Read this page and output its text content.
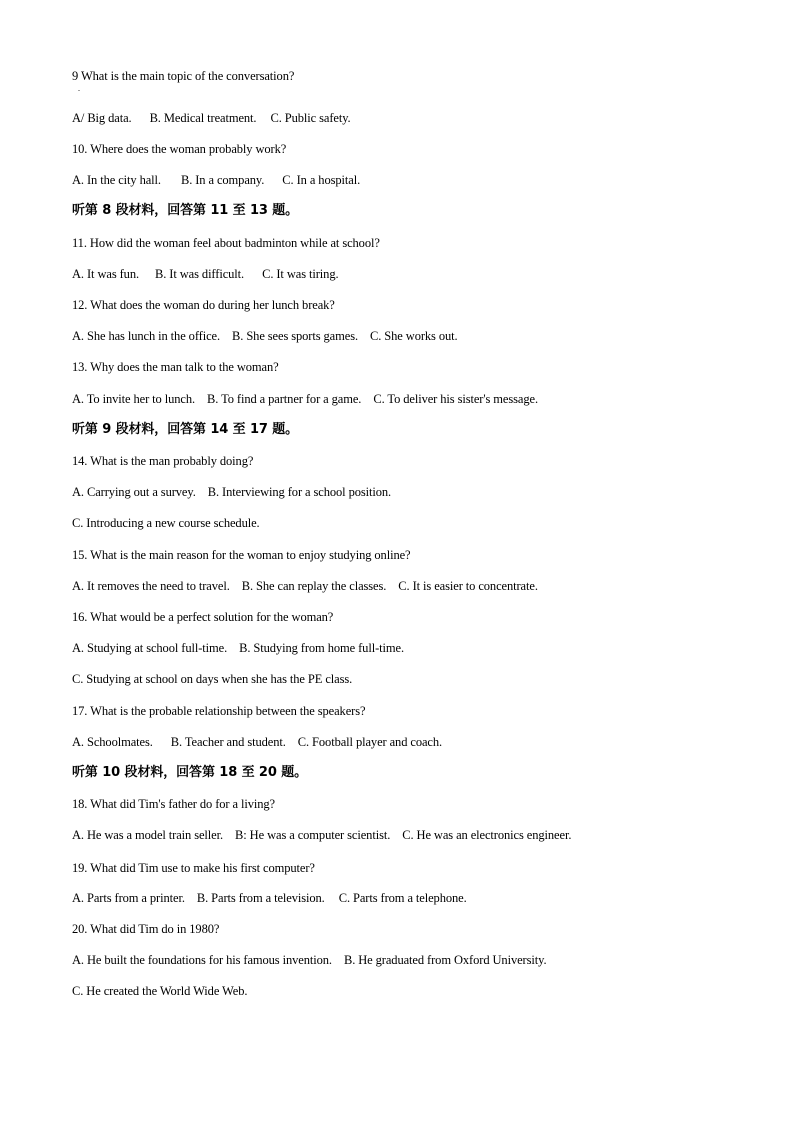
.
9 What is the main topic of the conversation?
A/ Big data. B. Medical treatment. C. Public safety.
10. Where does the woman probably work?
A. In the city hall. B. In a company. C. In a hospital.
听第 8 段材料，回答第 11 至 13 题。
11. How did the woman feel about badminton while at school?
A. It was fun. B. It was difficult. C. It was tiring.
12. What does the woman do during her lunch break?
A. She has lunch in the office. B. She sees sports games. C. She works out.
13. Why does the man talk to the woman?
A. To invite her to lunch. B. To find a partner for a game. C. To deliver his sister's message.
听第 9 段材料，回答第 14 至 17 题。
14. What is the man probably doing?
A. Carrying out a survey. B. Interviewing for a school position.
C. Introducing a new course schedule.
15. What is the main reason for the woman to enjoy studying online?
A. It removes the need to travel. B. She can replay the classes. C. It is easier to concentrate.
16. What would be a perfect solution for the woman?
A. Studying at school full-time. B. Studying from home full-time.
C. Studying at school on days when she has the PE class.
17. What is the probable relationship between the speakers?
A. Schoolmates. B. Teacher and student. C. Football player and coach.
听第 10 段材料，回答第 18 至 20 题。
18. What did Tim's father do for a living?
A. He was a model train seller. B: He was a computer scientist. C. He was an electronics engineer.
19. What did Tim use to make his first computer?
A. Parts from a printer. B. Parts from a television. C. Parts from a telephone.
20. What did Tim do in 1980?
A. He built the foundations for his famous invention. B. He graduated from Oxford University.
C. He created the World Wide Web.
